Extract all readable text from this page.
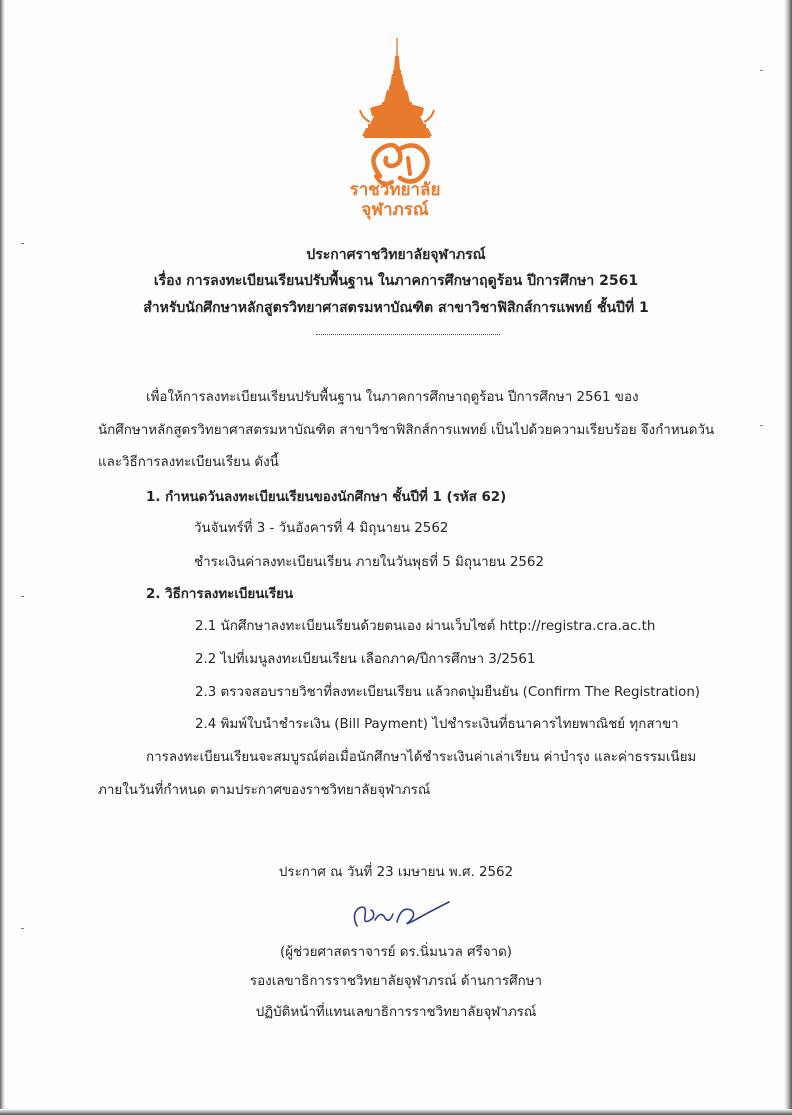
ราชวิทยาลัย
จุฬาภรณ์
ประกาศราชวิทยาลัยจุฬาภรณ์
เรื่อง การลงทะเบียนเรียนปรับพื้นฐาน ในภาคการศึกษาฤดูร้อน ปีการศึกษา 2561
สำหรับนักศึกษาหลักสูตรวิทยาศาสตรมหาบัณฑิต สาขาวิชาฟิสิกส์การแพทย์ ชั้นปีที่ 1
เพื่อให้การลงทะเบียนเรียนปรับพื้นฐาน ในภาคการศึกษาฤดูร้อน ปีการศึกษา 2561 ของ
นักศึกษาหลักสูตรวิทยาศาสตรมหาบัณฑิต สาขาวิชาฟิสิกส์การแพทย์ เป็นไปด้วยความเรียบร้อย จึงกำหนดวัน
และวิธีการลงทะเบียนเรียน ดังนี้
1. กำหนดวันลงทะเบียนเรียนของนักศึกษา ชั้นปีที่ 1 (รหัส 62)
วันจันทร์ที่ 3 - วันอังคารที่ 4 มิถุนายน 2562
ชำระเงินค่าลงทะเบียนเรียน ภายในวันพุธที่ 5 มิถุนายน 2562
2. วิธีการลงทะเบียนเรียน
2.1 นักศึกษาลงทะเบียนเรียนด้วยตนเอง ผ่านเว็บไซต์ http://registra.cra.ac.th
2.2 ไปที่เมนูลงทะเบียนเรียน เลือกภาค/ปีการศึกษา 3/2561
2.3 ตรวจสอบรายวิชาที่ลงทะเบียนเรียน แล้วกดปุ่มยืนยัน (Confirm The Registration)
2.4 พิมพ์ใบนำชำระเงิน (Bill Payment) ไปชำระเงินที่ธนาคารไทยพาณิชย์ ทุกสาขา
การลงทะเบียนเรียนจะสมบูรณ์ต่อเมื่อนักศึกษาได้ชำระเงินค่าเล่าเรียน ค่าบำรุง และค่าธรรมเนียม
ภายในวันที่กำหนด ตามประกาศของราชวิทยาลัยจุฬาภรณ์
ประกาศ ณ วันที่ 23 เมษายน พ.ศ. 2562
(ผู้ช่วยศาสตราจารย์ ดร.นิ่มนวล ศรีจาด)
รองเลขาธิการราชวิทยาลัยจุฬาภรณ์ ด้านการศึกษา
ปฏิบัติหน้าที่แทนเลขาธิการราชวิทยาลัยจุฬาภรณ์
